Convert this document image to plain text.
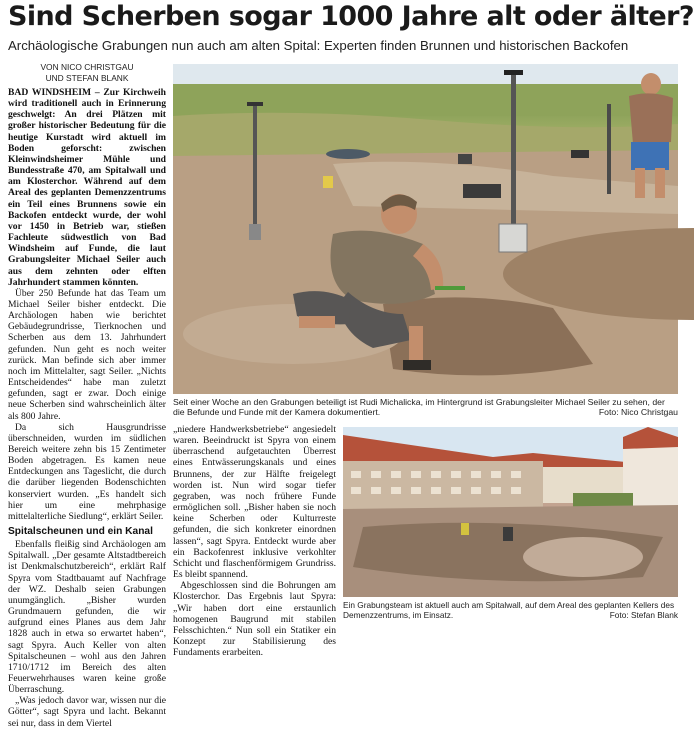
Sind Scherben sogar 1000 Jahre alt oder älter?
Archäologische Grabungen nun auch am alten Spital: Experten finden Brunnen und historischen Backofen
VON NICO CHRISTGAU
UND STEFAN BLANK

BAD WINDSHEIM – Zur Kirchweih wird traditionell auch in Erinnerung geschwelgt: An drei Plätzen mit großer historischer Bedeutung für die heutige Kurstadt wird aktuell im Boden geforscht: zwischen Kleinwindsheimer Mühle und Bundesstraße 470, am Spitalwall und am Klosterchor. Während auf dem Areal des geplanten Demenzzentrums ein Teil eines Brunnens sowie ein Backofen entdeckt wurde, der wohl vor 1450 in Betrieb war, stießen Fachleute südwestlich von Bad Windsheim auf Funde, die laut Grabungsleiter Michael Seiler auch aus dem zehnten oder elften Jahrhundert stammen könnten.

Über 250 Befunde hat das Team um Michael Seiler bisher entdeckt. Die Archäologen haben wie berichtet Gebäudegrundrisse, Tierknochen und Scherben aus dem 13. Jahrhundert gefunden. Nun geht es noch weiter zurück. Man befinde sich aber immer noch im Mittelalter, sagt Seiler. „Nichts Entscheidendes“ habe man zuletzt gefunden, sagt er zwar. Doch einige neue Scherben sind wahrscheinlich älter als 800 Jahre.

Da sich Hausgrundrisse überschneiden, wurden im südlichen Bereich weitere zehn bis 15 Zentimeter Boden abgetragen. Es kamen neue Entdeckungen ans Tageslicht, die durch die darüber liegenden Bodenschichten konserviert wurden. „Es handelt sich hier um eine mehrphasige mittelalterliche Siedlung“, erklärt Seiler.

Spitalscheunen und ein Kanal

Ebenfalls fleißig sind Archäologen am Spitalwall. „Der gesamte Altstadtbereich ist Denkmalschutzbereich“, erklärt Ralf Spyra vom Stadtbauamt auf Nachfrage der WZ. Deshalb seien Grabungen unumgänglich. „Bisher wurden Grundmauern gefunden, die wir aufgrund eines Planes aus dem Jahr 1828 auch in etwa so erwartet haben“, sagt Spyra. Auch Keller von alten Spitalscheunen – wohl aus den Jahren 1710/1712 im Bereich des alten Feuerwehrhauses waren keine große Überraschung.

„Was jedoch davor war, wissen nur die Götter“, sagt Spyra und lacht. Bekannt sei nur, dass in dem Viertel

Seit einer Woche an den Grabungen beteiligt ist Rudi Michalicka, im Hintergrund ist Grabungsleiter Michael Seiler zu sehen, der die Befunde und Funde mit der Kamera dokumentiert.	Foto: Nico Christgau

„niedere Handwerksbetriebe“ angesiedelt waren. Beeindruckt ist Spyra von einem überraschend aufgetauchten Überrest eines Entwässerungskanals und eines Brunnens, der zur Hälfte freigelegt worden ist. Nun wird sogar tiefer gegraben, was noch frühere Funde ermöglichen soll. „Bisher haben sie noch keine Scherben oder Kulturreste gefunden, die sich konkreter einordnen lassen“, sagt Spyra. Entdeckt wurde aber ein Backofenrest inklusive verkohlter Schicht und flaschenförmigem Grundriss. Es bleibt spannend.

Abgeschlossen sind die Bohrungen am Klosterchor. Das Ergebnis laut Spyra: „Wir haben dort eine erstaunlich homogenen Baugrund mit stabilen Felsschichten.“ Nun soll ein Statiker ein Konzept zur Stabilisierung des Fundaments erarbeiten.

Ein Grabungsteam ist aktuell auch am Spitalwall, auf dem Areal des geplanten Kellers des Demenzzentrums, im Einsatz.	Foto: Stefan Blank
